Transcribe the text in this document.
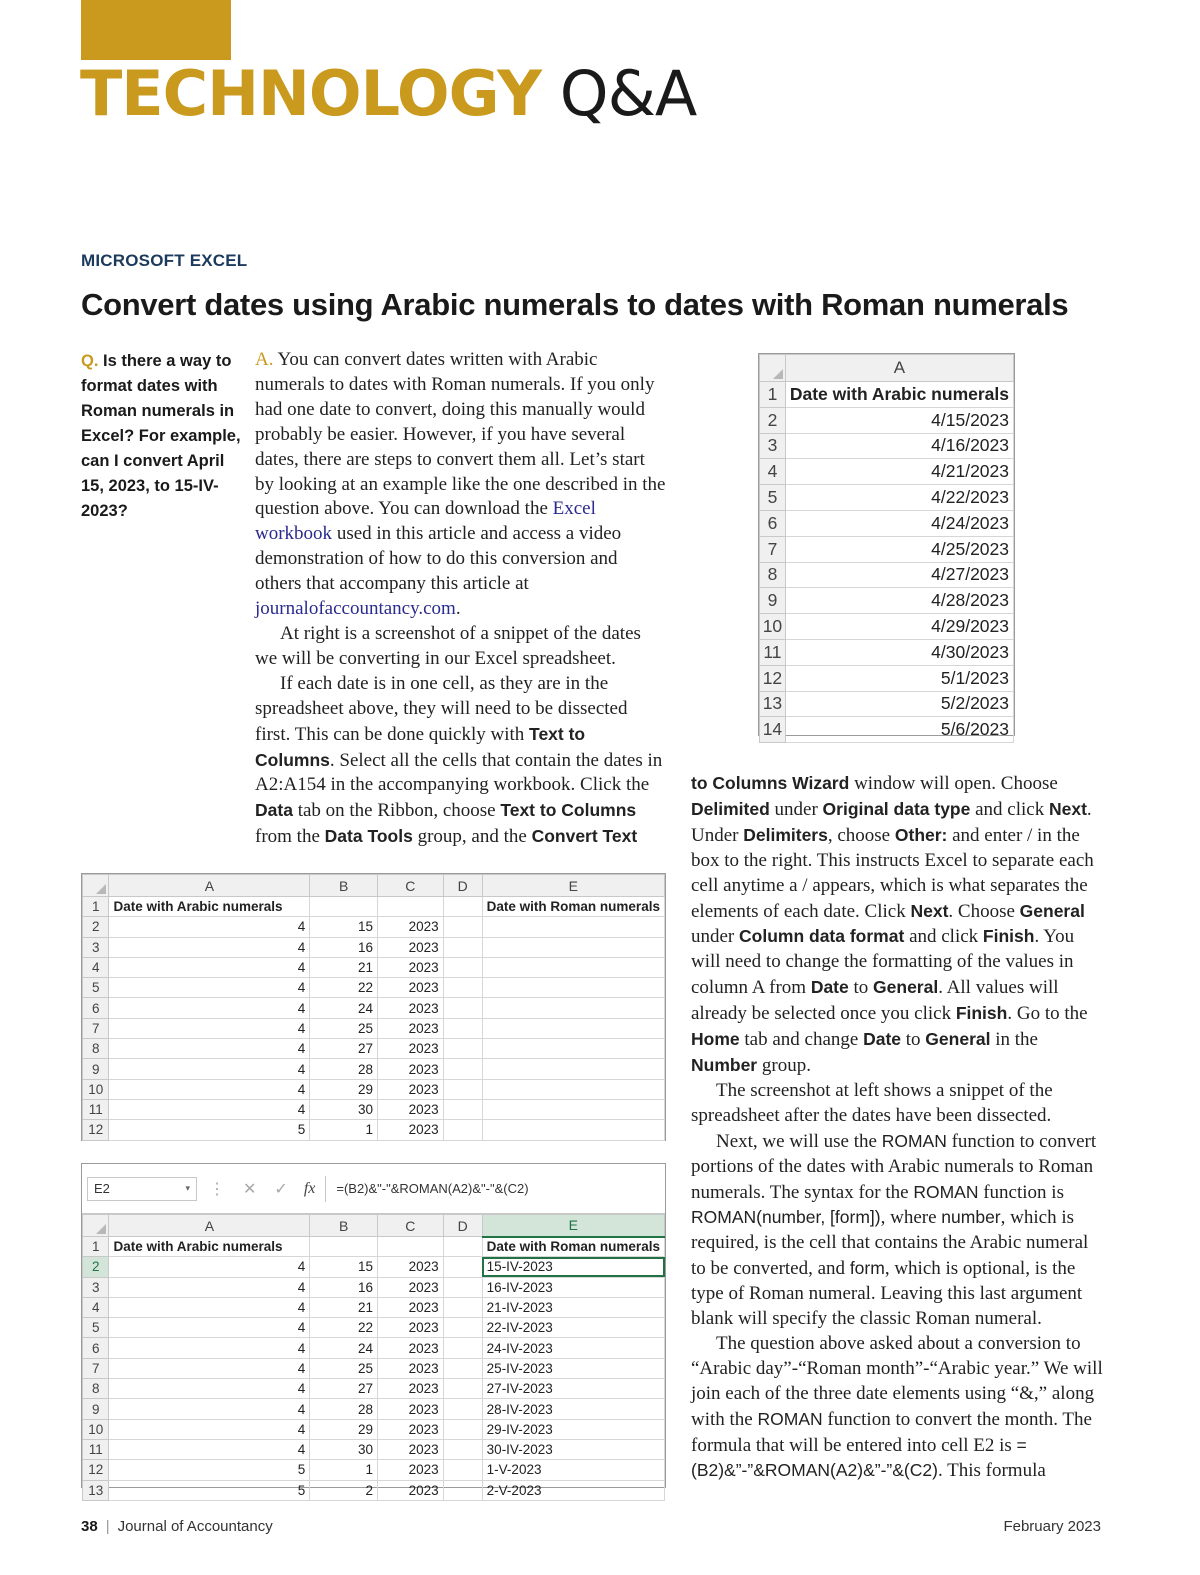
TECHNOLOGY Q&A
MICROSOFT EXCEL
Convert dates using Arabic numerals to dates with Roman numerals
Q. Is there a way to format dates with Roman numerals in Excel? For example, can I convert April 15, 2023, to 15-IV-2023?

A. You can convert dates written with Arabic numerals to dates with Roman numerals. If you only had one date to convert, doing this manually would probably be easier. However, if you have several dates, there are steps to convert them all. Let’s start by looking at an example like the one described in the question above. You can download the Excel workbook used in this article and access a video demonstration of how to do this conversion and others that accompany this article at journalofaccountancy.com.

At right is a screenshot of a snippet of the dates we will be converting in our Excel spreadsheet.

If each date is in one cell, as they are in the spreadsheet above, they will need to be dissected first. This can be done quickly with Text to Columns. Select all the cells that contain the dates in A2:A154 in the accompanying workbook. Click the Data tab on the Ribbon, choose Text to Columns from the Data Tools group, and the Convert Text

to Columns Wizard window will open. Choose Delimited under Original data type and click Next. Under Delimiters, choose Other: and enter / in the box to the right. This instructs Excel to separate each cell anytime a / appears, which is what separates the elements of each date. Click Next. Choose General under Column data format and click Finish. You will need to change the formatting of the values in column A from Date to General. All values will already be selected once you click Finish. Go to the Home tab and change Date to General in the Number group.

The screenshot at left shows a snippet of the spreadsheet after the dates have been dissected.

Next, we will use the ROMAN function to convert portions of the dates with Arabic numerals to Roman numerals. The syntax for the ROMAN function is ROMAN(number, [form]), where number, which is required, is the cell that contains the Arabic numeral to be converted, and form, which is optional, is the type of Roman numeral. Leaving this last argument blank will specify the classic Roman numeral.

The question above asked about a conversion to “Arabic day”-“Roman month”-“Arabic year.” We will join each of the three date elements using “&,” along with the ROMAN function to convert the month. The formula that will be entered into cell E2 is =(B2)&”-”&ROMAN(A2)&”-”&(C2). This formula

	A
1	Date with Arabic numerals
2	4/15/2023
3	4/16/2023
4	4/21/2023
5	4/22/2023
6	4/24/2023
7	4/25/2023
8	4/27/2023
9	4/28/2023
10	4/29/2023
11	4/30/2023
12	5/1/2023
13	5/2/2023
14	5/6/2023
	A	B	C	D	E
1	Date with Arabic numerals				Date with Roman numerals
2	4	15	2023		
3	4	16	2023		
4	4	21	2023		
5	4	22	2023		
6	4	24	2023		
7	4	25	2023		
8	4	27	2023		
9	4	28	2023		
10	4	29	2023		
11	4	30	2023		
12	5	1	2023		
E2	▾ ⋮ ✕ ✓ fx	=(B2)&"-"&ROMAN(A2)&"-"&(C2)
	A	B	C	D	E
1	Date with Arabic numerals				Date with Roman numerals
2	4	15	2023		15-IV-2023
3	4	16	2023		16-IV-2023
4	4	21	2023		21-IV-2023
5	4	22	2023		22-IV-2023
6	4	24	2023		24-IV-2023
7	4	25	2023		25-IV-2023
8	4	27	2023		27-IV-2023
9	4	28	2023		28-IV-2023
10	4	29	2023		29-IV-2023
11	4	30	2023		30-IV-2023
12	5	1	2023		1-V-2023
13	5	2	2023		2-V-2023
38 | Journal of Accountancy	February 2023
